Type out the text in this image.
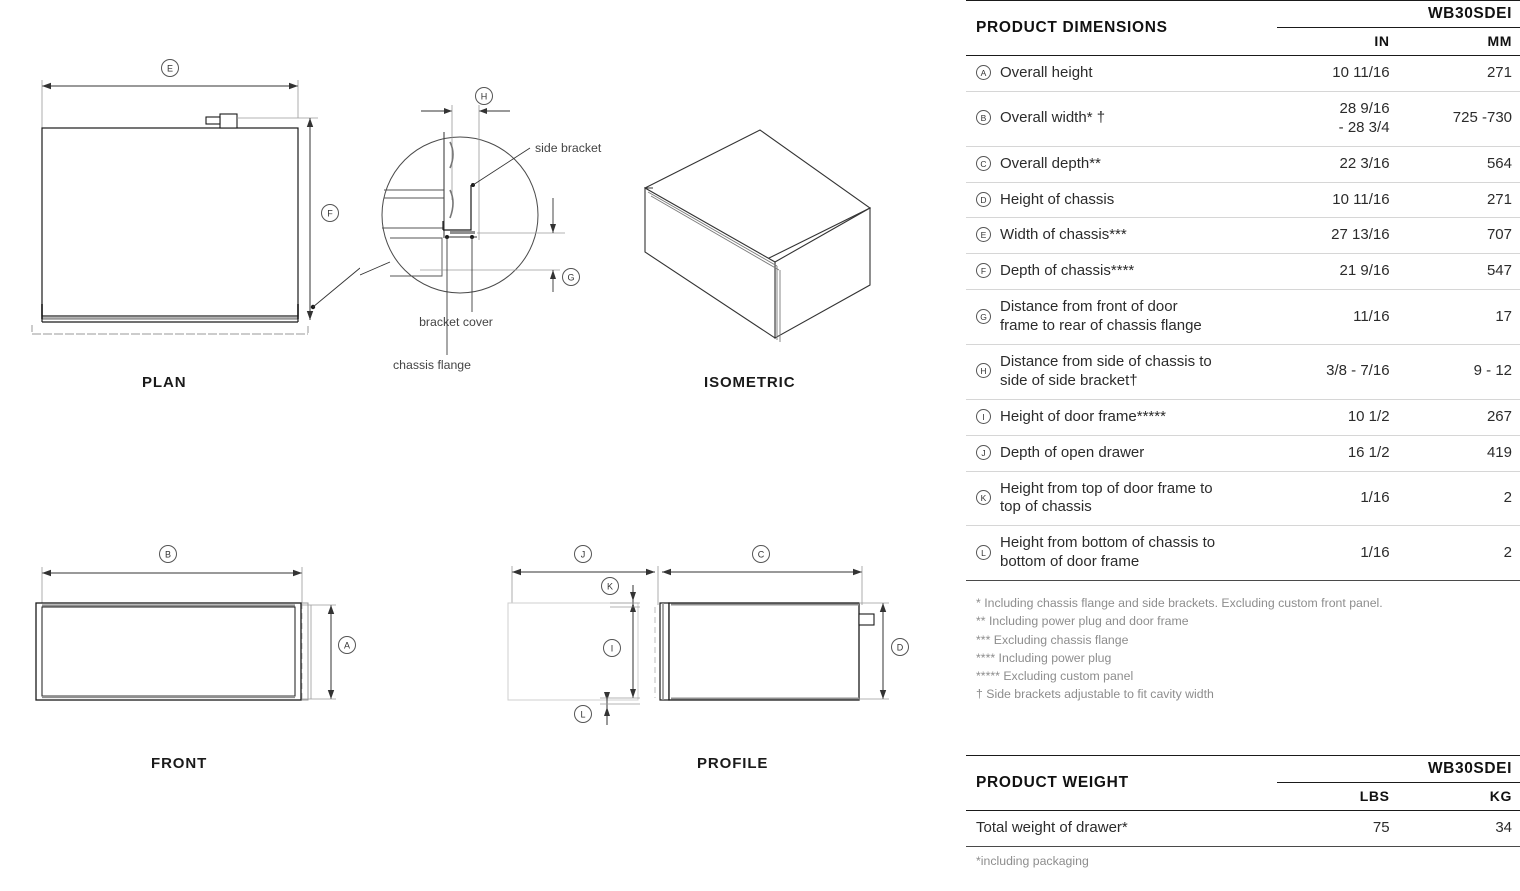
E
F
PLAN
H
G
side bracket
bracket cover
chassis flange
ISOMETRIC
B
A
FRONT
J	C
K
I
L
D
PROFILE
PRODUCT DIMENSIONS		WB30SDEI
	IN	MM

A Overall height	10 11/16	271

B Overall width* †	28 9/16
- 28 3/4	725 -730

C Overall depth**	22 3/16	564

D Height of chassis	10 11/16	271

E Width of chassis***	27 13/16	707

F Depth of chassis****	21 9/16	547

G
Distance from front of door
frame to rear of chassis flange	11/16	17

H
Distance from side of chassis to
side of side bracket†	3/8 - 7/16	9 - 12

I Height of door frame*****	10 1/2	267

J Depth of open drawer	16 1/2	419

K
Height from top of door frame to
top of chassis	1/16	2

L
Height from bottom of chassis to
bottom of door frame	1/16	2

* Including chassis flange and side brackets. Excluding custom front panel.
** Including power plug and door frame
*** Excluding chassis flange
**** Including power plug
***** Excluding custom panel
† Side brackets adjustable to fit cavity width
PRODUCT WEIGHT		WB30SDEI
	LBS	KG
Total weight of drawer*	75	34

*including packaging
